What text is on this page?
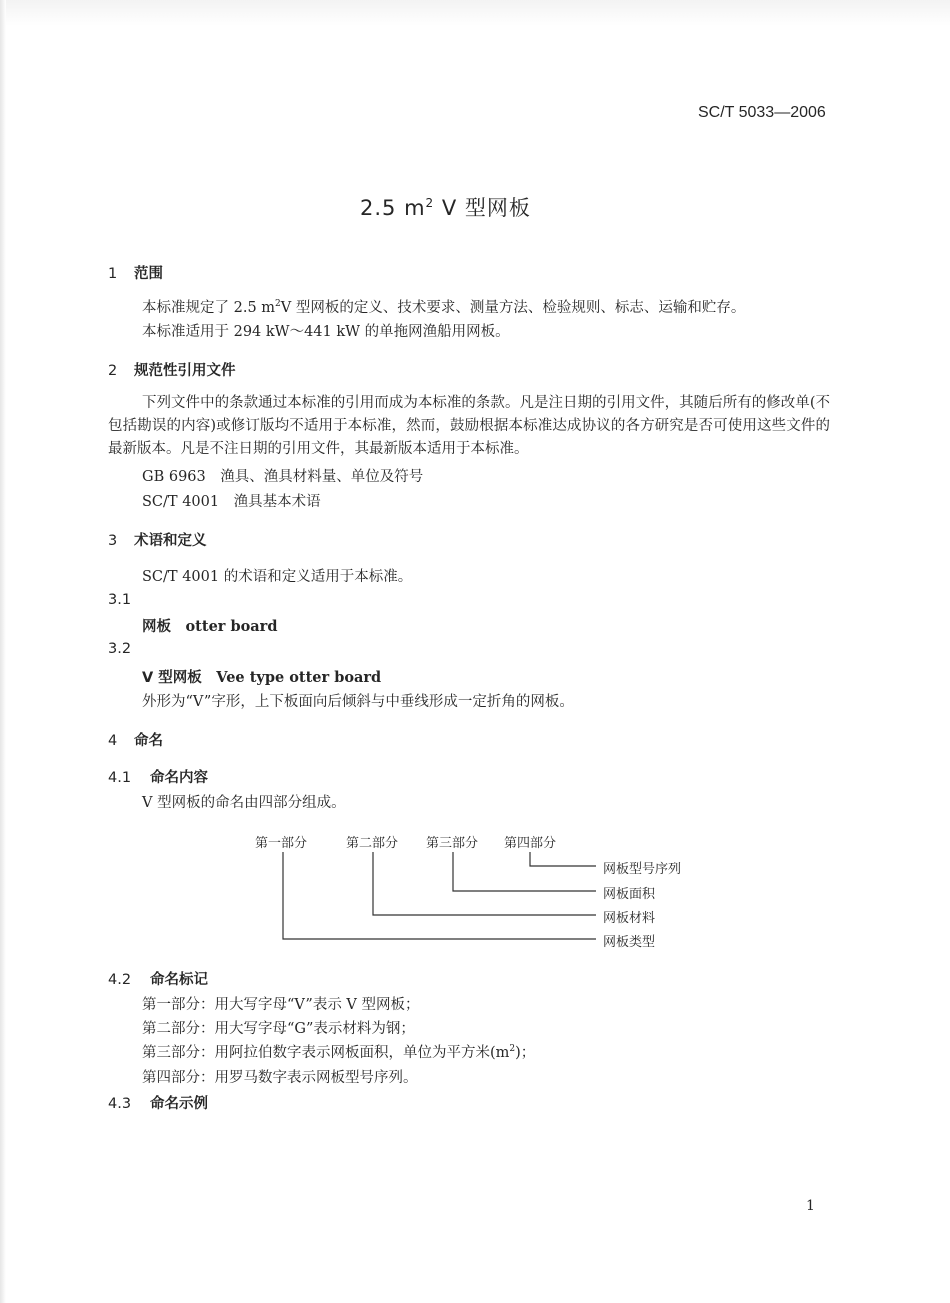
SC/T 5033—2006
2.5 $m^2$ V 型网板
1 范围
本标准规定了 2.5 $m^2V$ 型网板的定义、技术要求、测量方法、检验规则、标志、运输和贮存。
本标准适用于 294 kW～441 kW 的单拖网渔船用网板。
2 规范性引用文件
下列文件中的条款通过本标准的引用而成为本标准的条款。凡是注日期的引用文件，其随后所有的修改单(不包括勘误的内容)或修订版均不适用于本标准，然而，鼓励根据本标准达成协议的各方研究是否可使用这些文件的最新版本。凡是不注日期的引用文件，其最新版本适用于本标准。
GB 6963　渔具、渔具材料量、单位及符号
SC/T 4001　渔具基本术语
3 术语和定义
SC/T 4001 的术语和定义适用于本标准。
3.1
网板　 otter board
3.2
V 型网板　 Vee type otter board
外形为“V”字形，上下板面向后倾斜与中垂线形成一定折角的网板。
4 命名
4.1 命名内容
V 型网板的命名由四部分组成。
第一部分	第二部分 第三部分 第四部分
网板型号序列
网板面积
网板材料
网板类型
4.2 命名标记
第一部分：用大写字母“V”表示 V 型网板；
第二部分：用大写字母“G”表示材料为钢；
第三部分：用阿拉伯数字表示网板面积，单位为平方米$(m^2)$；
第四部分：用罗马数字表示网板型号序列。
4.3 命名示例
1
